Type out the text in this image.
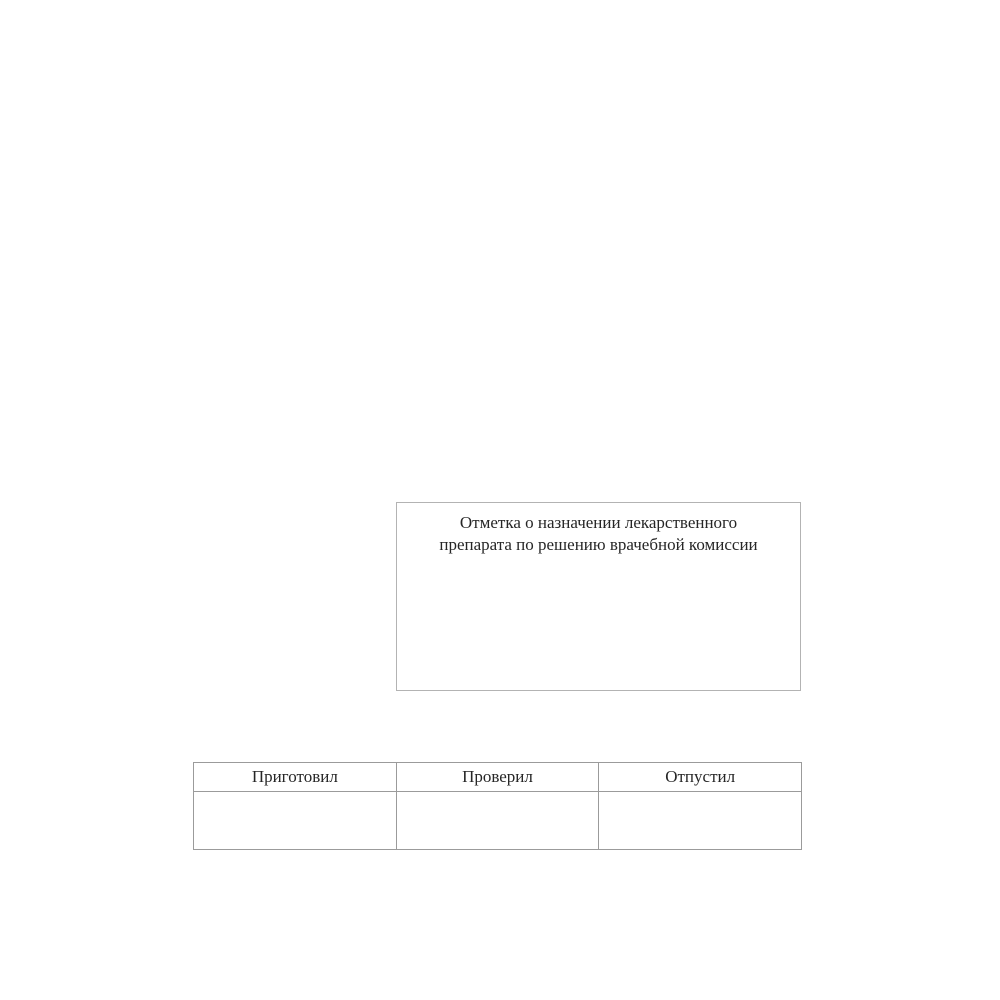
Отметка о назначении лекарственного
препарата по решению врачебной комиссии
Приготовил	Проверил	Отпустил
